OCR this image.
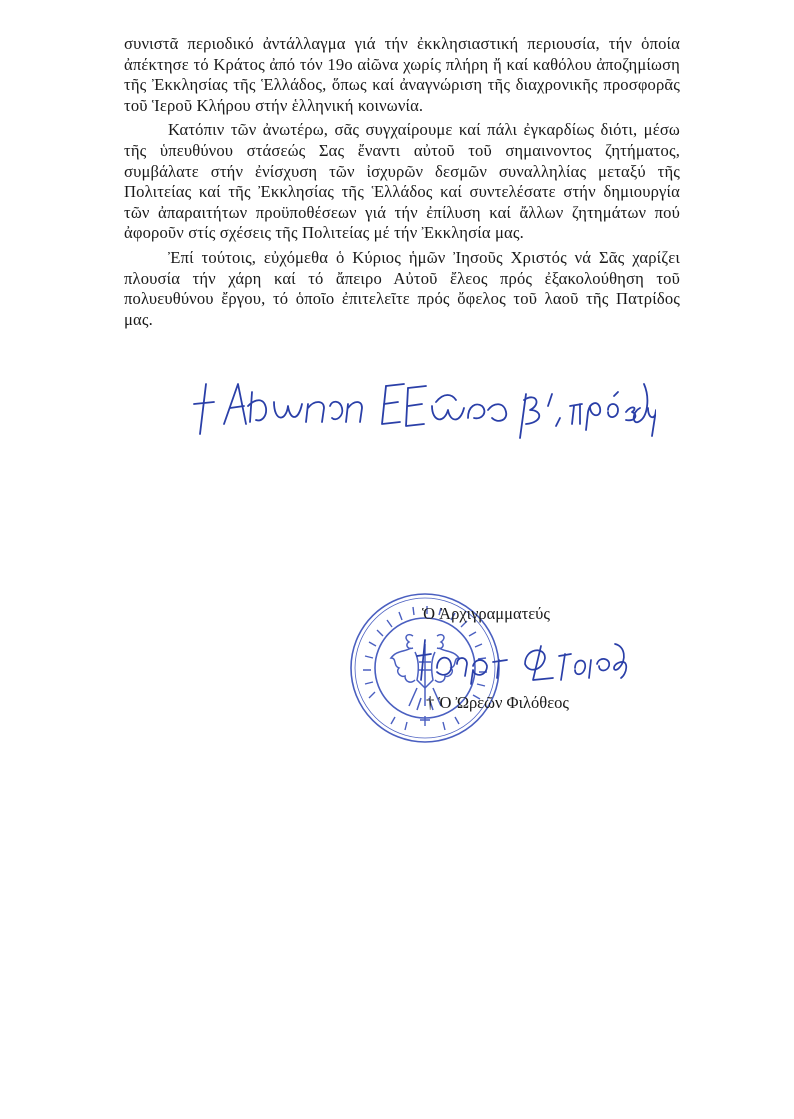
συνιστᾶ περιοδικό ἀντάλλαγμα γιά τήν ἐκκλησιαστική περιουσία, τήν ὁποία ἀπέκτησε τό Κράτος ἀπό τόν 19ο αἰῶνα χωρίς πλήρη ἤ καί καθόλου ἀποζημίωση τῆς Ἐκκλησίας τῆς Ἑλλάδος, ὅπως καί ἀναγνώριση τῆς διαχρονικῆς προσφορᾶς τοῦ Ἱεροῦ Κλήρου στήν ἑλληνική κοινωνία.

Κατόπιν τῶν ἀνωτέρω, σᾶς συγχαίρουμε καί πάλι ἐγκαρδίως διότι, μέσω τῆς ὑπευθύνου στάσεώς Σας ἔναντι αὐτοῦ τοῦ σημαινοντος ζητήματος, συμβάλατε στήν ἐνίσχυση τῶν ἰσχυρῶν δεσμῶν συναλληλίας μεταξύ τῆς Πολιτείας καί τῆς Ἐκκλησίας τῆς Ἑλλάδος καί συντελέσατε στήν δημιουργία τῶν ἀπαραιτήτων προϋποθέσεων γιά τήν ἐπίλυση καί ἄλλων ζητημάτων πού ἀφοροῦν στίς σχέσεις τῆς Πολιτείας μέ τήν Ἐκκλησία μας.

Ἐπί τούτοις, εὐχόμεθα ὁ Κύριος ἡμῶν Ἰησοῦς Χριστός νά Σᾶς χαρίζει πλουσία τήν χάρη καί τό ἄπειρο Αὐτοῦ ἔλεος πρός ἐξακολούθηση τοῦ πολυευθύνου ἔργου, τό ὁποῖο ἐπιτελεῖτε πρός ὄφελος τοῦ λαοῦ τῆς Πατρίδος μας.

Ὁ Ἀρχιγραμματεύς
† Ὁ Ὠρεῶν Φιλόθεος
